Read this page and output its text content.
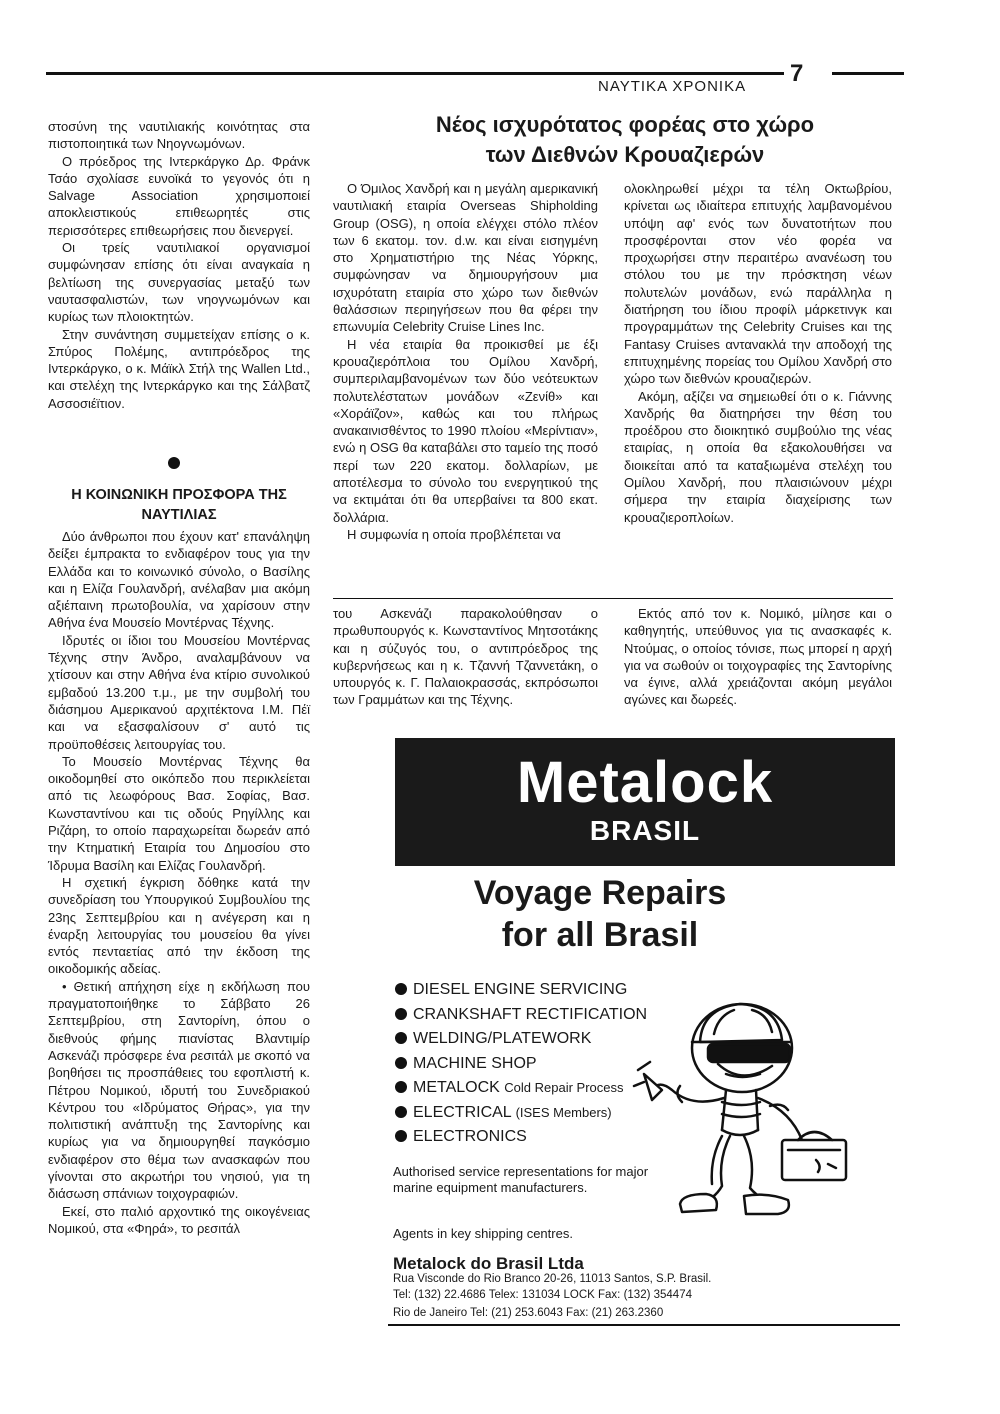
ΝΑΥΤΙΚΑ ΧΡΟΝΙΚΑ 7

στοσύνη της ναυτιλιακής κοινότητας στα πιστοποιητικά των Νηογνωμόνων.

Ο πρόεδρος της Ιντερκάργκο Δρ. Φράνκ Τσάο σχολίασε ευνοϊκά το γεγονός ότι η Salvage Association χρησιμοποιεί αποκλειστικούς επιθεωρητές στις περισσότερες επιθεωρήσεις που διενεργεί.

Οι τρείς ναυτιλιακοί οργανισμοί συμφώνησαν επίσης ότι είναι αναγκαία η βελτίωση της συνεργασίας μεταξύ των ναυτασφαλιστών, των νηογνωμόνων και κυρίως των πλοιοκτητών.

Στην συνάντηση συμμετείχαν επίσης ο κ. Σπύρος Πολέμης, αντιπρόεδρος της Ιντερκάργκο, ο κ. Μάϊκλ Στήλ της Wallen Ltd., και στελέχη της Ιντερκάργκο και της Σάλβατζ Ασσοσιέϊτιον.

Η ΚΟΙΝΩΝΙΚΗ ΠΡΟΣΦΟΡΑ ΤΗΣ ΝΑΥΤΙΛΙΑΣ

Δύο άνθρωποι που έχουν κατ' επανάληψη δείξει έμπρακτα το ενδιαφέρον τους για την Ελλάδα και το κοινωνικό σύνολο, ο Βασίλης και η Ελίζα Γουλανδρή, ανέλαβαν μια ακόμη αξιέπαινη πρωτοβουλία, να χαρίσουν στην Αθήνα ένα Μουσείο Μοντέρνας Τέχνης.

Ιδρυτές οι ίδιοι του Μουσείου Μοντέρνας Τέχνης στην Άνδρο, αναλαμβάνουν να χτίσουν και στην Αθήνα ένα κτίριο συνολικού εμβαδού 13.200 τ.μ., με την συμβολή του διάσημου Αμερικανού αρχιτέκτονα Ι.Μ. Πέϊ και να εξασφαλίσουν σ' αυτό τις προϋποθέσεις λειτουργίας του.

Το Μουσείο Μοντέρνας Τέχνης θα οικοδομηθεί στο οικόπεδο που περικλείεται από τις λεωφόρους Βασ. Σοφίας, Βασ. Κωνσταντίνου και τις οδούς Ρηγίλλης και Ριζάρη, το οποίο παραχωρείται δωρεάν από την Κτηματική Εταιρία του Δημοσίου στο Ίδρυμα Βασίλη και Ελίζας Γουλανδρή.

Η σχετική έγκριση δόθηκε κατά την συνεδρίαση του Υπουργικού Συμβουλίου της 23ης Σεπτεμβρίου και η ανέγερση και η έναρξη λειτουργίας του μουσείου θα γίνει εντός πενταετίας από την έκδοση της οικοδομικής αδείας.

• Θετική απήχηση είχε η εκδήλωση που πραγματοποιήθηκε το Σάββατο 26 Σεπτεμβρίου, στη Σαντορίνη, όπου ο διεθνούς φήμης πιανίστας Βλαντιμίρ Ασκενάζι πρόσφερε ένα ρεσιτάλ με σκοπό να βοηθήσει τις προσπάθειες του εφοπλιστή κ. Πέτρου Νομικού, ιδρυτή του Συνεδριακού Κέντρου του «Ιδρύματος Θήρας», για την πολιτιστική ανάπτυξη της Σαντορίνης και κυρίως για να δημιουργηθεί παγκόσμιο ενδιαφέρον στο θέμα των ανασκαφών που γίνονται στο ακρωτήρι του νησιού, για τη διάσωση σπάνιων τοιχογραφιών.

Εκεί, στο παλιό αρχοντικό της οικογένειας Νομικού, στα «Φηρά», το ρεσιτάλ

Νέος ισχυρότατος φορέας στο χώρο
των Διεθνών Κρουαζιερών

Ο Όμιλος Χανδρή και η μεγάλη αμερικανική ναυτιλιακή εταιρία Overseas Shipholding Group (OSG), η οποία ελέγχει στόλο πλέον των 6 εκατομ. τον. d.w. και είναι εισηγμένη στο Χρηματιστήριο της Νέας Υόρκης, συμφώνησαν να δημιουργήσουν μια ισχυρότατη εταιρία στο χώρο των διεθνών θαλάσσιων περιηγήσεων που θα φέρει την επωνυμία Celebrity Cruise Lines Inc.

Η νέα εταιρία θα προικισθεί με έξι κρουαζιερόπλοια του Ομίλου Χανδρή, συμπεριλαμβανομένων των δύο νεότευκτων πολυτελέστατων μονάδων «Ζενίθ» και «Χοράϊζον», καθώς και του πλήρως ανακαινισθέντος το 1990 πλοίου «Μερίντιαν», ενώ η OSG θα καταβάλει στο ταμείο της ποσό περί των 220 εκατομ. δολλαρίων, με αποτέλεσμα το σύνολο του ενεργητικού της να εκτιμάται ότι θα υπερβαίνει τα 800 εκατ. δολλάρια.

Η συμφωνία η οποία προβλέπεται να

ολοκληρωθεί μέχρι τα τέλη Οκτωβρίου, κρίνεται ως ιδιαίτερα επιτυχής λαμβανομένου υπόψη αφ' ενός των δυνατοτήτων που προσφέρονται στον νέο φορέα να προχωρήσει στην περαιτέρω ανανέωση του στόλου του με την πρόσκτηση νέων πολυτελών μονάδων, ενώ παράλληλα η διατήρηση του ίδιου προφίλ μάρκετινγκ και προγραμμάτων της Celebrity Cruises και της Fantasy Cruises αντανακλά την αποδοχή της επιτυχημένης πορείας του Ομίλου Χανδρή στο χώρο των διεθνών κρουαζιερών.

Ακόμη, αξίζει να σημειωθεί ότι ο κ. Γιάννης Χανδρής θα διατηρήσει την θέση του προέδρου στο διοικητικό συμβούλιο της νέας εταιρίας, η οποία θα εξακολουθήσει να διοικείται από τα καταξιωμένα στελέχη του Ομίλου Χανδρή, που πλαισιώνουν μέχρι σήμερα την εταιρία διαχείρισης των κρουαζιεροπλοίων.

του Ασκενάζι παρακολούθησαν ο πρωθυπουργός κ. Κωνσταντίνος Μητσοτάκης και η σύζυγός του, ο αντιπρόεδρος της κυβερνήσεως και η κ. Τζαννή Τζαννετάκη, ο υπουργός κ. Γ. Παλαιοκρασσάς, εκπρόσωποι των Γραμμάτων και της Τέχνης.

Εκτός από τον κ. Νομικό, μίλησε και ο καθηγητής, υπεύθυνος για τις ανασκαφές κ. Ντούμας, ο οποίος τόνισε, πως μπορεί η αρχή για να σωθούν οι τοιχογραφίες της Σαντορίνης να έγινε, αλλά χρειάζονται ακόμη μεγάλοι αγώνες και δωρεές.

Metalock
BRASIL
Voyage Repairs
for all Brasil
DIESEL ENGINE SERVICING
CRANKSHAFT RECTIFICATION
WELDING/PLATEWORK
MACHINE SHOP
METALOCK Cold Repair Process
ELECTRICAL (ISES Members)
ELECTRONICS
Authorised service representations for major marine equipment manufacturers.
Agents in key shipping centres.
Metalock do Brasil Ltda
Rua Visconde do Rio Branco 20-26, 11013 Santos, S.P. Brasil.
Tel: (132) 22.4686 Telex: 131034 LOCK Fax: (132) 354474
Rio de Janeiro Tel: (21) 253.6043 Fax: (21) 263.2360
